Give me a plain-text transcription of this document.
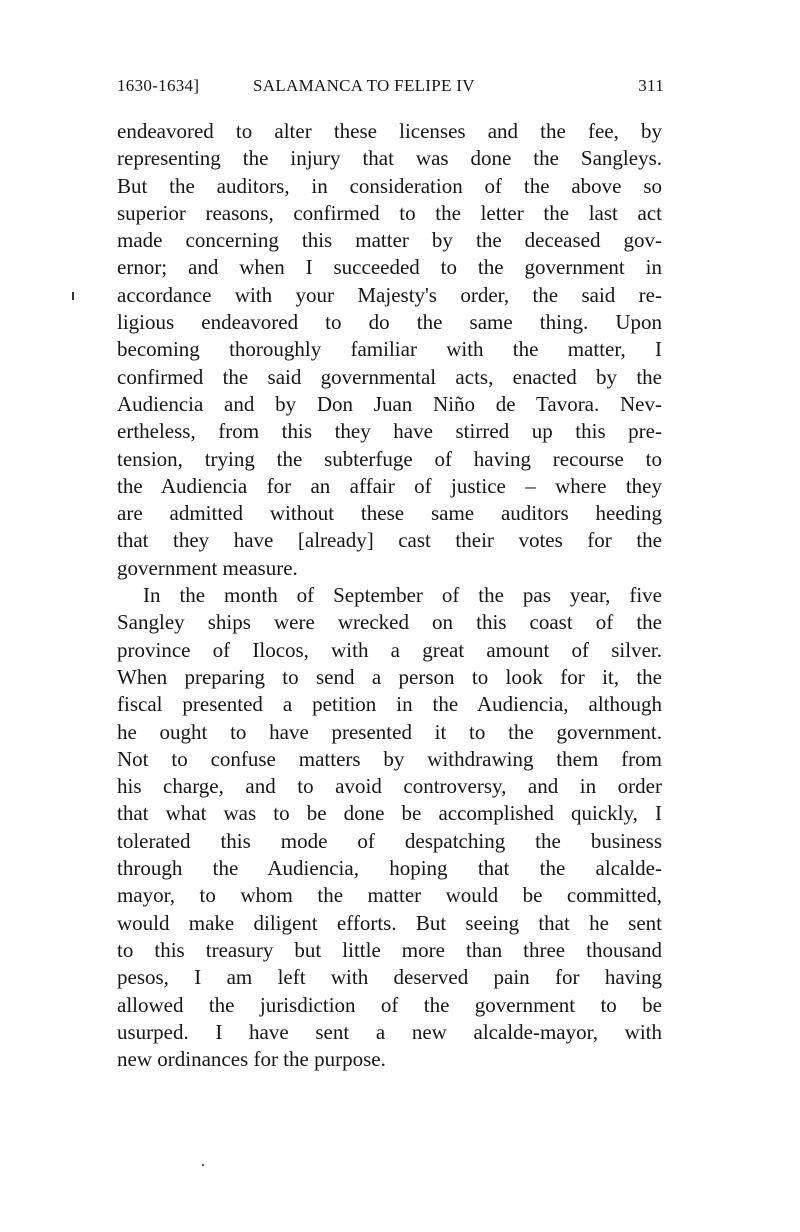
1630-1634]	SALAMANCA TO FELIPE IV	311

endeavored to alter these licenses and the fee, by
representing the injury that was done the Sangleys.
But the auditors, in consideration of the above so
superior reasons, confirmed to the letter the last act
made concerning this matter by the deceased gov-
ernor; and when I succeeded to the government in
accordance with your Majesty's order, the said re-
ligious endeavored to do the same thing. Upon
becoming thoroughly familiar with the matter, I
confirmed the said governmental acts, enacted by the
Audiencia and by Don Juan Niño de Tavora. Nev-
ertheless, from this they have stirred up this pre-
tension, trying the subterfuge of having recourse to
the Audiencia for an affair of justice – where they
are admitted without these same auditors heeding
that they have [already] cast their votes for the
government measure.

In the month of September of the pas year, five
Sangley ships were wrecked on this coast of the
province of Ilocos, with a great amount of silver.
When preparing to send a person to look for it, the
fiscal presented a petition in the Audiencia, although
he ought to have presented it to the government.
Not to confuse matters by withdrawing them from
his charge, and to avoid controversy, and in order
that what was to be done be accomplished quickly, I
tolerated this mode of despatching the business
through the Audiencia, hoping that the alcalde-
mayor, to whom the matter would be committed,
would make diligent efforts. But seeing that he sent
to this treasury but little more than three thousand
pesos, I am left with deserved pain for having
allowed the jurisdiction of the government to be
usurped. I have sent a new alcalde-mayor, with
new ordinances for the purpose.
